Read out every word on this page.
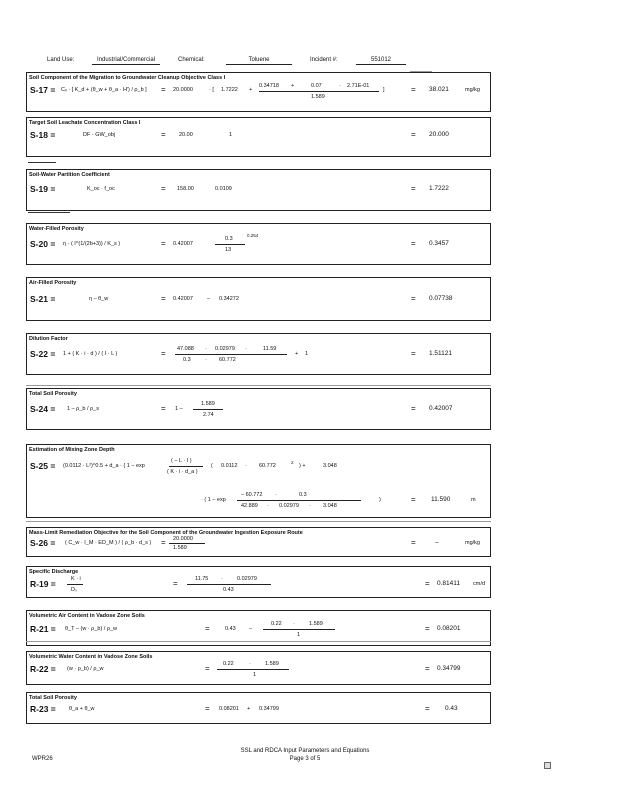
Land Use:	Industrial/Commercial	Chemical:	Toluene	Incident #:	551012
Soil Component of the Migration to Groundwater Cleanup Objective Class I
S-17 = Cᵥ · [ K_d + (θ_w + θ_a · H′) / ρ_b ] = 20.0000	· [ 1.7222 +
0.34718 +	0.07	· 2.71E-01
1.589
]	= 38.021	mg/kg
Target Soil Leachate Concentration Class I
S-18 =	DF · GW_obj	= 20.00	1	= 20.000
Soil-Water Partition Coefficient
S-19 =	K_oc · f_oc	= 158.00	0.0109	= 1.7222
Water-Filled Porosity
S-20 = η · ( I^(1/(2b+3)) / K_s )	= 0.42007
0.3
13
0.254
= 0.3457
Air-Filled Porosity
S-21 =	η – θ_w	= 0.42007	– 0.34272	= 0.07738
Dilution Factor
S-22 = 1 + ( K · i · d ) / ( I · L )	= 47.088 · 0.02979 ·	11.59
0.3	· 60.772
+ 1	= 1.51121
Total Soil Porosity
S-24 = 1 – ρ_b / ρ_s	= 1 –
1.589
2.74
= 0.42007
Estimation of Mixing Zone Depth
S-25 = (0.0112 · L²)^0.5 + d_a · { 1 – exp
( – L · I )
( K · i · d_a )
( 0.0112 · 60.772
2
) +	3.048
· ( 1 – exp
– 60.772 ·	0.3
42.889 · 0.02979 · 3.048
)	= 11.590	m
Mass-Limit Remediation Objective for the Soil Component of the Groundwater Ingestion Exposure Route
S-26 = ( C_w · I_M · ED_M ) / ( ρ_b · d_s ) = 20.0000
1.589
=	–	mg/kg
Specific Discharge
R-19 =	K · i
Dₛ
=	11.75 ·	0.02979
0.43
= 0.81411 cm/d
Volumetric Air Content in Vadose Zone Soils
R-21 = θ_T – (w · ρ_b) / ρ_w	=	0.43 –
0.22 ·	1.589
1
= 0.08201
Volumetric Water Content in Vadose Zone Soils
R-22 = (w · ρ_b) / ρ_w	= 0.22	·	1.589
1
= 0.34799
Total Soil Porosity
R-23 = θ_a + θ_w	= 0.08201 + 0.34799	= 0.43
WPR26
SSL and RDCA Input Parameters and Equations
Page 3 of 5
